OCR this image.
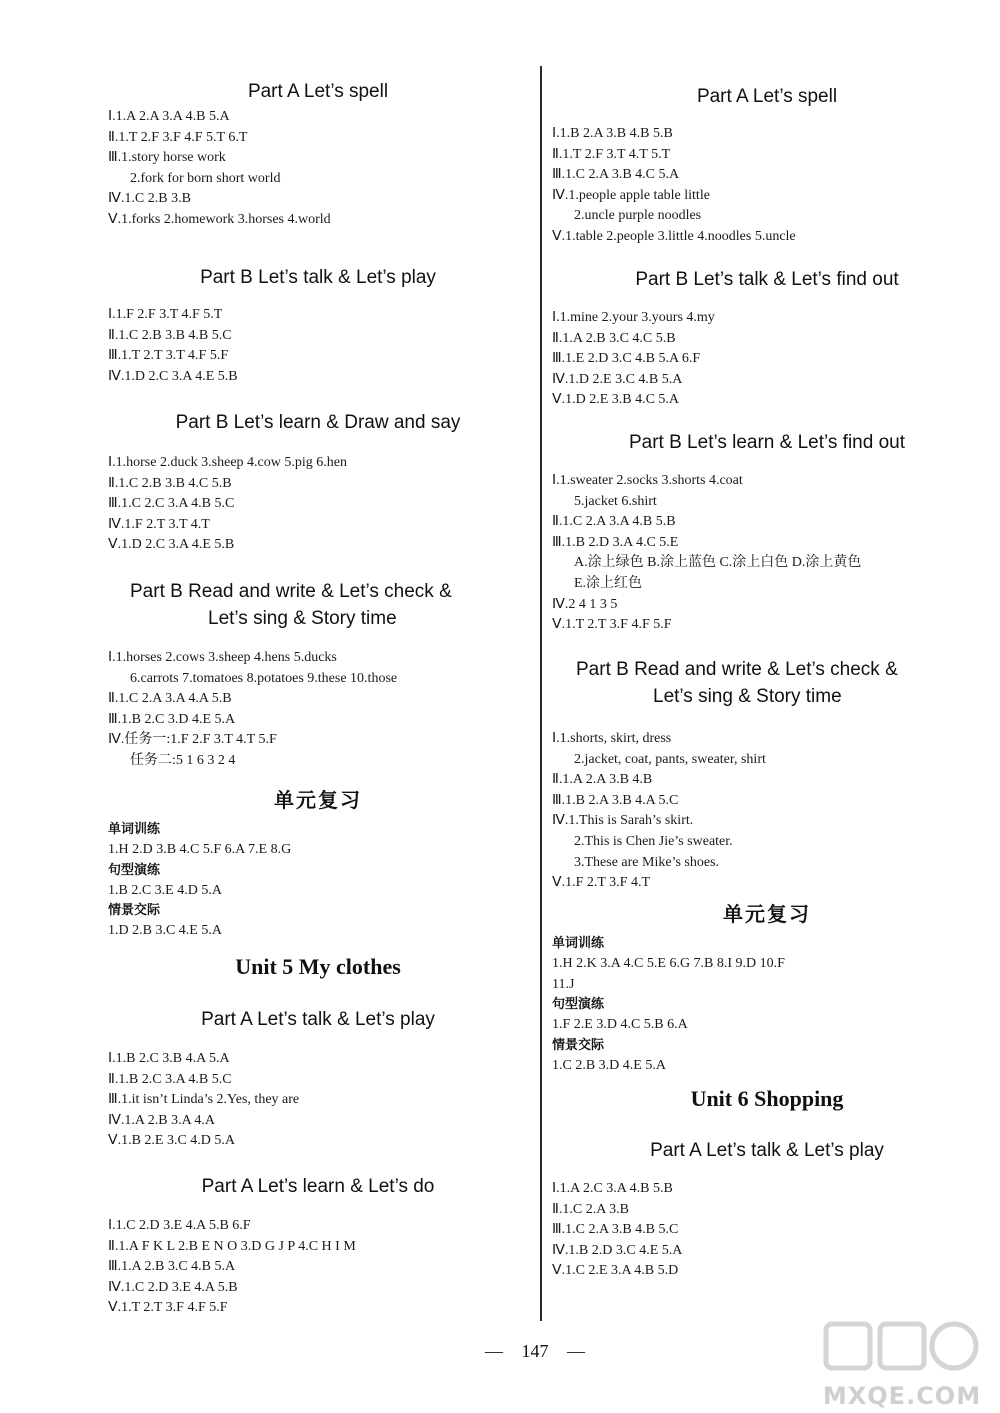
Part A Let’s spell
Ⅰ.1.A 2.A 3.A 4.B 5.A
Ⅱ.1.T 2.F 3.F 4.F 5.T 6.T
Ⅲ.1.story horse work
2.fork for born short world
Ⅳ.1.C 2.B 3.B
Ⅴ.1.forks 2.homework 3.horses 4.world
Part B Let’s talk & Let’s play
Ⅰ.1.F 2.F 3.T 4.F 5.T
Ⅱ.1.C 2.B 3.B 4.B 5.C
Ⅲ.1.T 2.T 3.T 4.F 5.F
Ⅳ.1.D 2.C 3.A 4.E 5.B
Part B Let’s learn & Draw and say
Ⅰ.1.horse 2.duck 3.sheep 4.cow 5.pig 6.hen
Ⅱ.1.C 2.B 3.B 4.C 5.B
Ⅲ.1.C 2.C 3.A 4.B 5.C
Ⅳ.1.F 2.T 3.T 4.T
Ⅴ.1.D 2.C 3.A 4.E 5.B
Part B Read and write & Let’s check &
Let’s sing & Story time
Ⅰ.1.horses 2.cows 3.sheep 4.hens 5.ducks
6.carrots 7.tomatoes 8.potatoes 9.these 10.those
Ⅱ.1.C 2.A 3.A 4.A 5.B
Ⅲ.1.B 2.C 3.D 4.E 5.A
Ⅳ.任务一:1.F 2.F 3.T 4.T 5.F
任务二:5 1 6 3 2 4
单元复习
单词训练
1.H 2.D 3.B 4.C 5.F 6.A 7.E 8.G
句型演练
1.B 2.C 3.E 4.D 5.A
情景交际
1.D 2.B 3.C 4.E 5.A
Unit 5 My clothes
Part A Let’s talk & Let’s play
Ⅰ.1.B 2.C 3.B 4.A 5.A
Ⅱ.1.B 2.C 3.A 4.B 5.C
Ⅲ.1.it isn’t Linda’s 2.Yes, they are
Ⅳ.1.A 2.B 3.A 4.A
Ⅴ.1.B 2.E 3.C 4.D 5.A
Part A Let’s learn & Let’s do
Ⅰ.1.C 2.D 3.E 4.A 5.B 6.F
Ⅱ.1.A F K L 2.B E N O 3.D G J P 4.C H I M
Ⅲ.1.A 2.B 3.C 4.B 5.A
Ⅳ.1.C 2.D 3.E 4.A 5.B
Ⅴ.1.T 2.T 3.F 4.F 5.F
Part A Let’s spell
Ⅰ.1.B 2.A 3.B 4.B 5.B
Ⅱ.1.T 2.F 3.T 4.T 5.T
Ⅲ.1.C 2.A 3.B 4.C 5.A
Ⅳ.1.people apple table little
2.uncle purple noodles
Ⅴ.1.table 2.people 3.little 4.noodles 5.uncle
Part B Let’s talk & Let’s find out
Ⅰ.1.mine 2.your 3.yours 4.my
Ⅱ.1.A 2.B 3.C 4.C 5.B
Ⅲ.1.E 2.D 3.C 4.B 5.A 6.F
Ⅳ.1.D 2.E 3.C 4.B 5.A
Ⅴ.1.D 2.E 3.B 4.C 5.A
Part B Let’s learn & Let’s find out
Ⅰ.1.sweater 2.socks 3.shorts 4.coat
5.jacket 6.shirt
Ⅱ.1.C 2.A 3.A 4.B 5.B
Ⅲ.1.B 2.D 3.A 4.C 5.E
A.涂上绿色 B.涂上蓝色 C.涂上白色 D.涂上黄色
E.涂上红色
Ⅳ.2 4 1 3 5
Ⅴ.1.T 2.T 3.F 4.F 5.F
Part B Read and write & Let’s check &
Let’s sing & Story time
Ⅰ.1.shorts, skirt, dress
2.jacket, coat, pants, sweater, shirt
Ⅱ.1.A 2.A 3.B 4.B
Ⅲ.1.B 2.A 3.B 4.A 5.C
Ⅳ.1.This is Sarah’s skirt.
2.This is Chen Jie’s sweater.
3.These are Mike’s shoes.
Ⅴ.1.F 2.T 3.F 4.T
单元复习
单词训练
1.H 2.K 3.A 4.C 5.E 6.G 7.B 8.I 9.D 10.F
11.J
句型演练
1.F 2.E 3.D 4.C 5.B 6.A
情景交际
1.C 2.B 3.D 4.E 5.A
Unit 6 Shopping
Part A Let’s talk & Let’s play
Ⅰ.1.A 2.C 3.A 4.B 5.B
Ⅱ.1.C 2.A 3.B
Ⅲ.1.C 2.A 3.B 4.B 5.C
Ⅳ.1.B 2.D 3.C 4.E 5.A
Ⅴ.1.C 2.E 3.A 4.B 5.D
— 147 —
MXQE.COM
